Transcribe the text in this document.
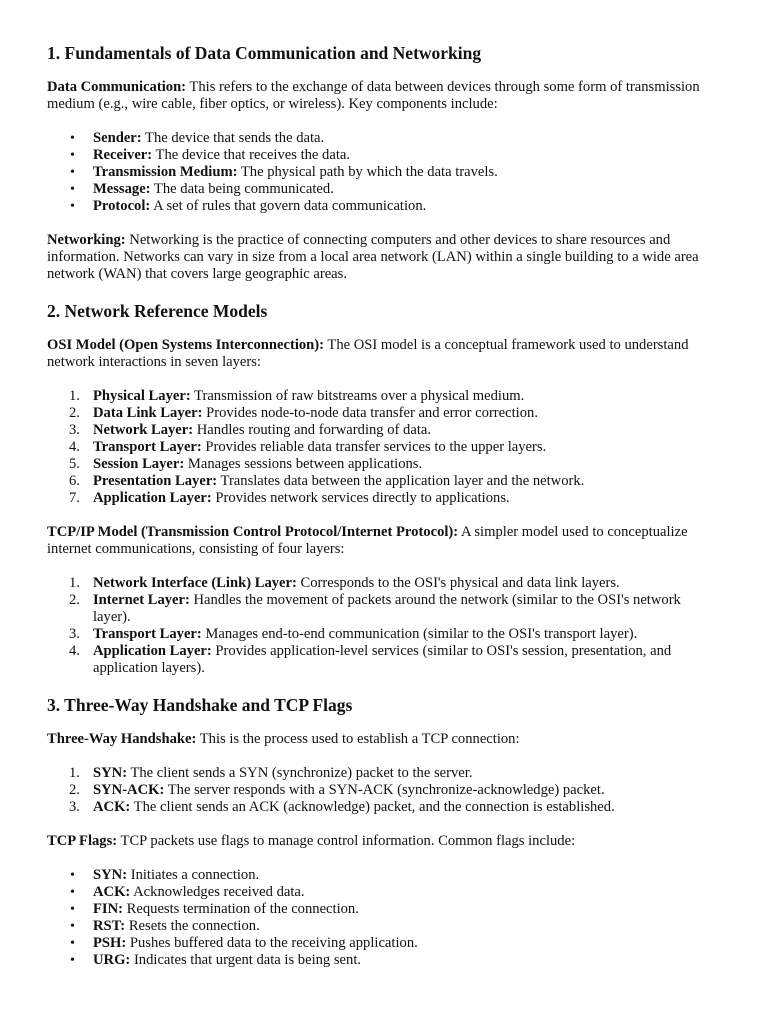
1. Fundamentals of Data Communication and Networking

Data Communication: This refers to the exchange of data between devices through some form of transmission medium (e.g., wire cable, fiber optics, or wireless). Key components include:

• Sender: The device that sends the data.
• Receiver: The device that receives the data.
• Transmission Medium: The physical path by which the data travels.
• Message: The data being communicated.
• Protocol: A set of rules that govern data communication.

Networking: Networking is the practice of connecting computers and other devices to share resources and information. Networks can vary in size from a local area network (LAN) within a single building to a wide area network (WAN) that covers large geographic areas.

2. Network Reference Models

OSI Model (Open Systems Interconnection): The OSI model is a conceptual framework used to understand network interactions in seven layers:

1. Physical Layer: Transmission of raw bitstreams over a physical medium.
2. Data Link Layer: Provides node-to-node data transfer and error correction.
3. Network Layer: Handles routing and forwarding of data.
4. Transport Layer: Provides reliable data transfer services to the upper layers.
5. Session Layer: Manages sessions between applications.
6. Presentation Layer: Translates data between the application layer and the network.
7. Application Layer: Provides network services directly to applications.

TCP/IP Model (Transmission Control Protocol/Internet Protocol): A simpler model used to conceptualize internet communications, consisting of four layers:

1. Network Interface (Link) Layer: Corresponds to the OSI's physical and data link layers.
2. Internet Layer: Handles the movement of packets around the network (similar to the OSI's network layer).
3. Transport Layer: Manages end-to-end communication (similar to the OSI's transport layer).
4. Application Layer: Provides application-level services (similar to OSI's session, presentation, and application layers).
3. Three-Way Handshake and TCP Flags

Three-Way Handshake: This is the process used to establish a TCP connection:

1. SYN: The client sends a SYN (synchronize) packet to the server.
2. SYN-ACK: The server responds with a SYN-ACK (synchronize-acknowledge) packet.
3. ACK: The client sends an ACK (acknowledge) packet, and the connection is established.

TCP Flags: TCP packets use flags to manage control information. Common flags include:

• SYN: Initiates a connection.
• ACK: Acknowledges received data.
• FIN: Requests termination of the connection.
• RST: Resets the connection.
• PSH: Pushes buffered data to the receiving application.
• URG: Indicates that urgent data is being sent.
